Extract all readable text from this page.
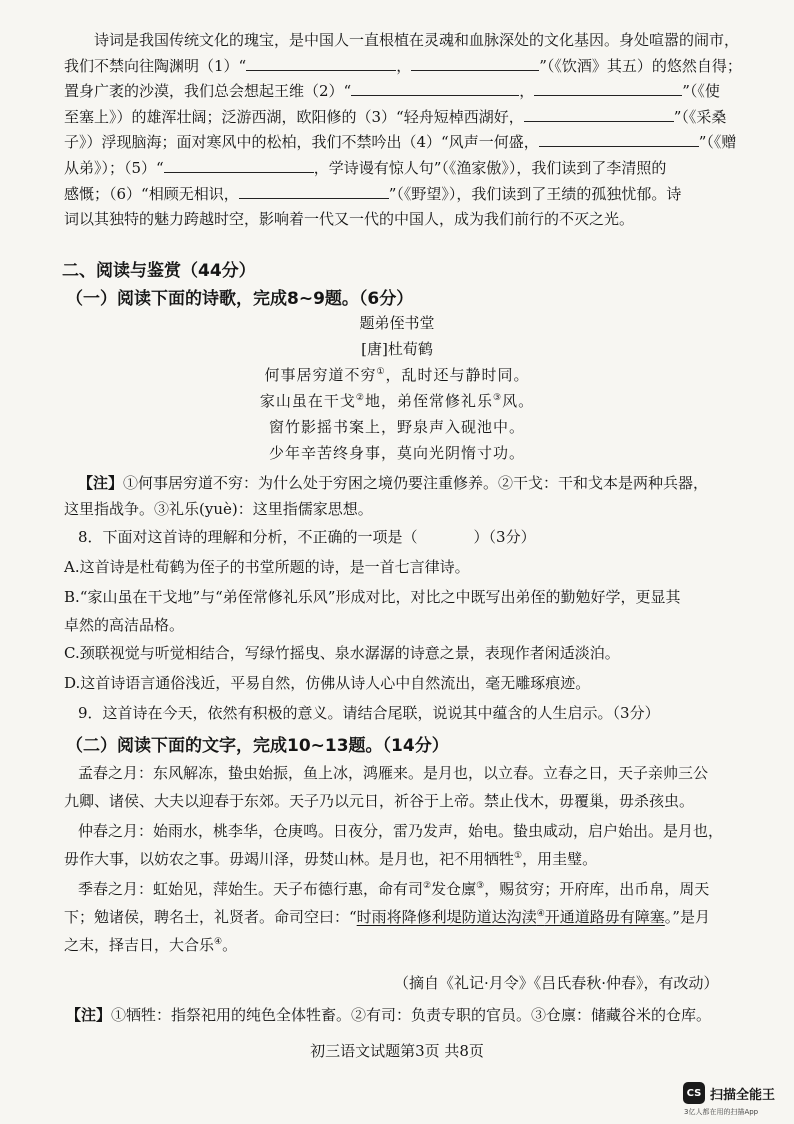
诗词是我国传统文化的瑰宝，是中国人一直根植在灵魂和血脉深处的文化基因。身处喧嚣的闹市，
我们不禁向往陶渊明（1）“	，	”（《饮酒》其五）的悠然自得；
置身广袤的沙漠，我们总会想起王维（2）“	，	”（《使
至塞上》）的雄浑壮阔；泛游西湖，欧阳修的（3）“轻舟短棹西湖好，	”（《采桑
子》）浮现脑海；面对寒风中的松柏，我们不禁吟出（4）“风声一何盛，	”（《赠
从弟》）；（5）“	，学诗谩有惊人句”（《渔家傲》），我们读到了李清照的
感慨；（6）“相顾无相识，	”（《野望》），我们读到了王绩的孤独忧郁。诗
词以其独特的魅力跨越时空，影响着一代又一代的中国人，成为我们前行的不灭之光。
二、阅读与鉴赏（44分）
（一）阅读下面的诗歌，完成8~9题。（6分）
题弟侄书堂
[唐]杜荀鹤
何事居穷道不穷①，乱时还与静时同。
家山虽在干戈②地，弟侄常修礼乐③风。
窗竹影摇书案上，野泉声入砚池中。
少年辛苦终身事，莫向光阴惰寸功。
【注】①何事居穷道不穷：为什么处于穷困之境仍要注重修养。②干戈：干和戈本是两种兵器，
这里指战争。③礼乐(yuè)：这里指儒家思想。
8．下面对这首诗的理解和分析，不正确的一项是（	）（3分）
A.这首诗是杜荀鹤为侄子的书堂所题的诗，是一首七言律诗。
B.“家山虽在干戈地”与“弟侄常修礼乐风”形成对比，对比之中既写出弟侄的勤勉好学，更显其
卓然的高洁品格。
C.颈联视觉与听觉相结合，写绿竹摇曳、泉水潺潺的诗意之景，表现作者闲适淡泊。
D.这首诗语言通俗浅近，平易自然，仿佛从诗人心中自然流出，毫无雕琢痕迹。
9．这首诗在今天，依然有积极的意义。请结合尾联，说说其中蕴含的人生启示。（3分）
（二）阅读下面的文字，完成10~13题。（14分）
孟春之月：东风解冻，蛰虫始振，鱼上冰，鸿雁来。是月也，以立春。立春之日，天子亲帅三公
九卿、诸侯、大夫以迎春于东郊。天子乃以元日，祈谷于上帝。禁止伐木，毋覆巢，毋杀孩虫。
仲春之月：始雨水，桃李华，仓庚鸣。日夜分，雷乃发声，始电。蛰虫咸动，启户始出。是月也，
毋作大事，以妨农之事。毋竭川泽，毋焚山林。是月也，祀不用牺牲①，用圭璧。
季春之月：虹始见，萍始生。天子布德行惠，命有司②发仓廪③，赐贫穷；开府库，出币帛，周天
下；勉诸侯，聘名士，礼贤者。命司空曰：“时雨将降修利堤防道达沟渎④开通道路毋有障塞。”是月
之末，择吉日，大合乐④。
（摘自《礼记·月令》《吕氏春秋·仲春》，有改动）
【注】①牺牲：指祭祀用的纯色全体牲畜。②有司：负责专职的官员。③仓廪：储藏谷米的仓库。
初三语文试题第3页 共8页
CS 扫描全能王
3亿人都在用的扫描App
